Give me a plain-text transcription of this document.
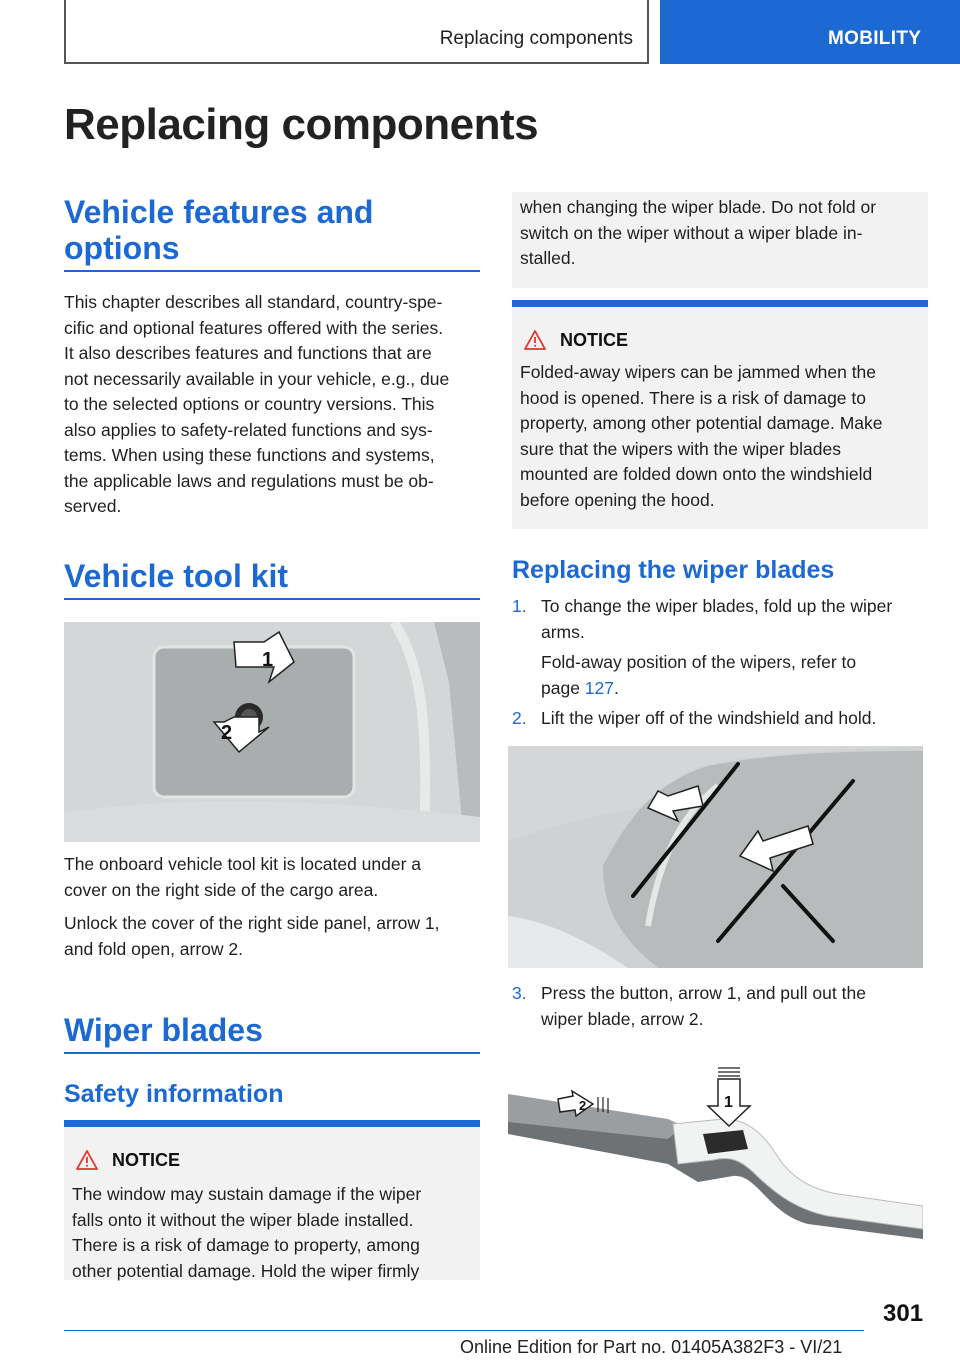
Replacing components	MOBILITY
Replacing components
Vehicle features and
options
This chapter describes all standard, country-spe-
cific and optional features offered with the series.
It also describes features and functions that are
not necessarily available in your vehicle, e.g., due
to the selected options or country versions. This
also applies to safety-related functions and sys-
tems. When using these functions and systems,
the applicable laws and regulations must be ob-
served.
Vehicle tool kit
1
2
The onboard vehicle tool kit is located under a
cover on the right side of the cargo area.
Unlock the cover of the right side panel, arrow 1,
and fold open, arrow 2.
Wiper blades
Safety information
NOTICE
The window may sustain damage if the wiper
falls onto it without the wiper blade installed.
There is a risk of damage to property, among
other potential damage. Hold the wiper firmly
when changing the wiper blade. Do not fold or
switch on the wiper without a wiper blade in-
stalled.
NOTICE
Folded-away wipers can be jammed when the
hood is opened. There is a risk of damage to
property, among other potential damage. Make
sure that the wipers with the wiper blades
mounted are folded down onto the windshield
before opening the hood.
Replacing the wiper blades
1. To change the wiper blades, fold up the wiper
arms.
Fold-away position of the wipers, refer to
page 127.
2. Lift the wiper off of the windshield and hold.
3. Press the button, arrow 1, and pull out the
wiper blade, arrow 2.
2	1
301
Online Edition for Part no. 01405A382F3 - VI/21
